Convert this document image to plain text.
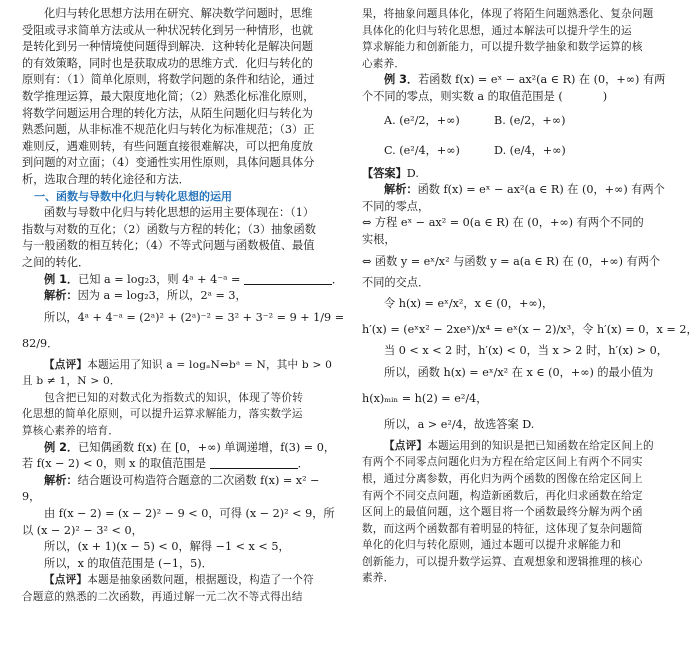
化归与转化思想方法用在研究、解决数学问题时，思维
受阻或寻求简单方法或从一种状况转化到另一种情形，也就
是转化到另一种情境使问题得到解决．这种转化是解决问题
的有效策略，同时也是获取成功的思维方式．化归与转化的
原则有：（1）简单化原则，将数学问题的条件和结论，通过
数学推理运算，最大限度地化简；（2）熟悉化标准化原则，
将数学问题运用合理的转化方法，从陌生问题化归与转化为
熟悉问题，从非标准不规范化归与转化为标准规范；（3）正
难则反，遇难则转，有些问题直接很难解决，可以把角度放
到问题的对立面；（4）变通性实用性原则，具体问题具体分
析，选取合理的转化途径和方法．
一、函数与导数中化归与转化思想的运用
函数与导数中化归与转化思想的运用主要体现在：（1）
指数与对数的互化；（2）函数与方程的转化；（3）抽象函数
与一般函数的相互转化；（4）不等式问题与函数极值、最值
之间的转化．
例 1．已知 a = log₂3，则 4ᵃ + 4⁻ᵃ =	．
解析：因为 a = log₂3，所以，2ᵃ = 3，
所以，4ᵃ + 4⁻ᵃ = (2ᵃ)² + (2ᵃ)⁻² = 3² + 3⁻² = 9 + 1/9 =
82/9．
【点评】本题运用了知识 a = logₐN⇔bᵃ = N，其中 b > 0
且 b ≠ 1，N > 0．
包含把已知的对数式化为指数式的知识，体现了等价转
化思想的简单化原则，可以提升运算求解能力，落实数学运
算核心素养的培育．
例 2．已知偶函数 f(x) 在 [0，+∞) 单调递增，f(3) = 0，
若 f(x − 2) < 0，则 x 的取值范围是	．
解析：结合题设可构造符合题意的二次函数 f(x) = x² −
9，
由 f(x − 2) = (x − 2)² − 9 < 0，可得 (x − 2)² < 9，所
以 (x − 2)² − 3² < 0，
所以，(x + 1)(x − 5) < 0，解得 −1 < x < 5，
所以，x 的取值范围是 (−1，5)．
【点评】本题是抽象函数问题，根据题设，构造了一个符
合题意的熟悉的二次函数，再通过解一元二次不等式得出结
果，将抽象问题具体化，体现了将陌生问题熟悉化、复杂问题
具体化的化归与转化思想，通过本解法可以提升学生的运
算求解能力和创新能力，可以提升数学抽象和数学运算的核
心素养．
例 3．若函数 f(x) = eˣ − ax²(a ∈ R) 在 (0，+∞) 有两
个不同的零点，则实数 a 的取值范围是 (	)
A. (e²/2，+∞)	B. (e/2，+∞)
C. (e²/4，+∞)	D. (e/4，+∞)
【答案】D.
解析：函数 f(x) = eˣ − ax²(a ∈ R) 在 (0，+∞) 有两个
不同的零点，
⇔ 方程 eˣ − ax² = 0(a ∈ R) 在 (0，+∞) 有两个不同的
实根，
⇔ 函数 y = eˣ/x² 与函数 y = a(a ∈ R) 在 (0，+∞) 有两个
不同的交点．
令 h(x) = eˣ/x²，x ∈ (0，+∞)，
h′(x) = (eˣx² − 2xeˣ)/x⁴ = eˣ(x − 2)/x³，令 h′(x) = 0，x = 2，
当 0 < x < 2 时，h′(x) < 0，当 x > 2 时，h′(x) > 0，
所以，函数 h(x) = eˣ/x² 在 x ∈ (0，+∞) 的最小值为
h(x)ₘᵢₙ = h(2) = e²/4，
所以，a > e²/4，故选答案 D.
【点评】本题运用到的知识是把已知函数在给定区间上的
有两个不同零点问题化归为方程在给定区间上有两个不同实
根，通过分离参数，再化归为两个函数的图像在给定区间上
有两个不同交点问题，构造新函数后，再化归求函数在给定
区间上的最值问题，这个题目将一个函数最终分解为两个函
数，而这两个函数都有着明显的特征，这体现了复杂问题简
单化的化归与转化原则，通过本题可以提升求解能力和
创新能力，可以提升数学运算、直观想象和逻辑推理的核心
素养．
